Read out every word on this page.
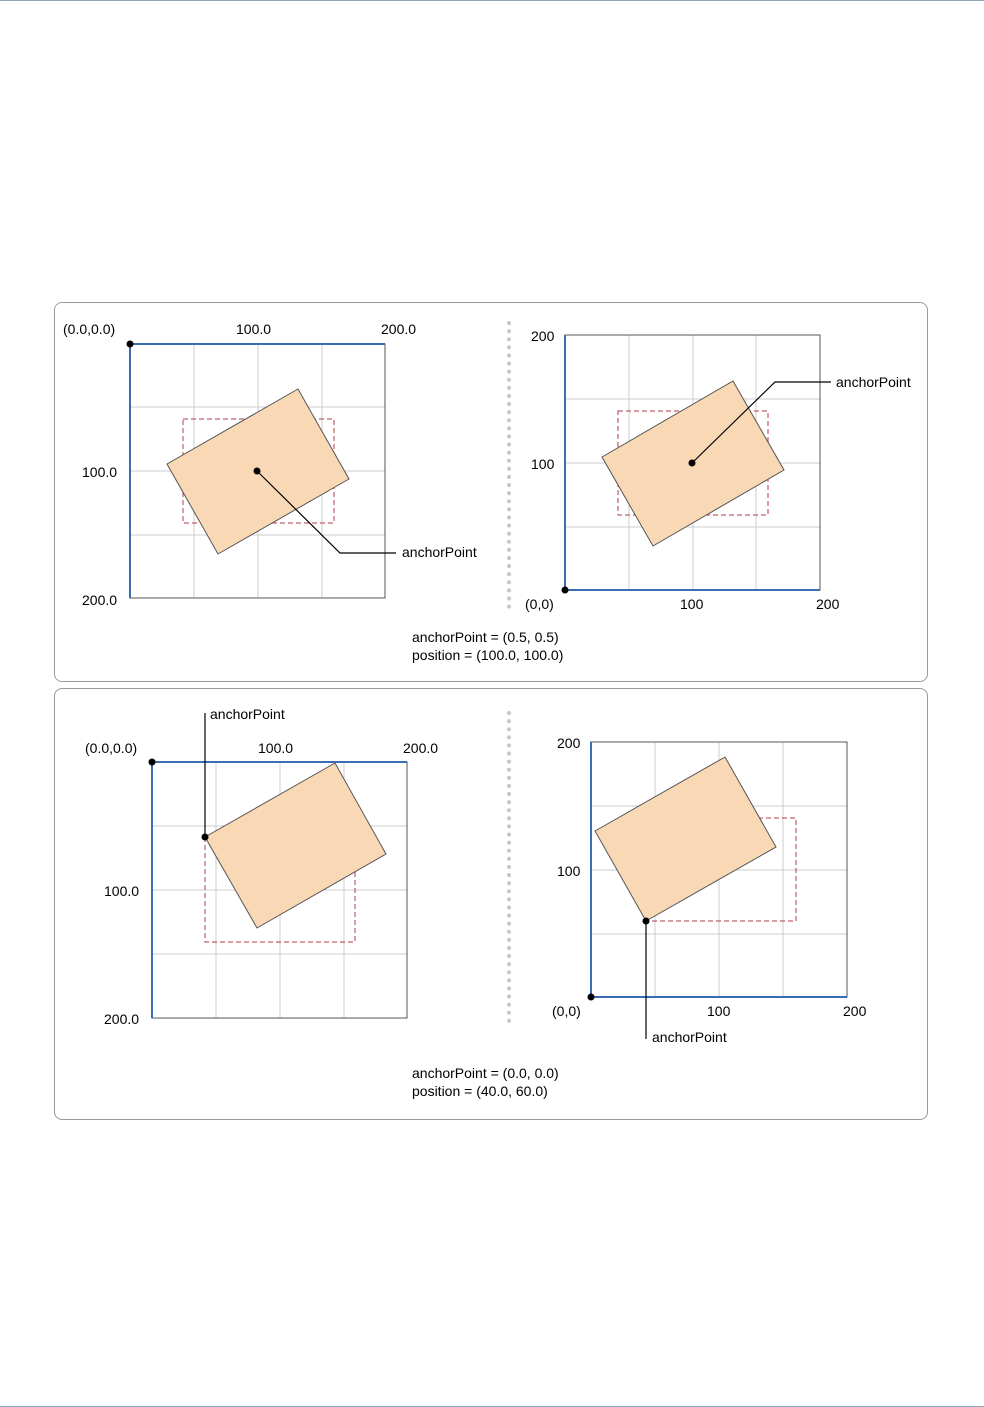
(0.0,0.0)	100.0	200.0
100.0
200.0
anchorPoint
200
100
(0,0)	100	200
anchorPoint
anchorPoint = (0.5, 0.5)
position = (100.0, 100.0)
anchorPoint
(0.0,0.0)	100.0	200.0
100.0
200.0
200
100
(0,0)	100	200
anchorPoint
anchorPoint = (0.0, 0.0)
position = (40.0, 60.0)
